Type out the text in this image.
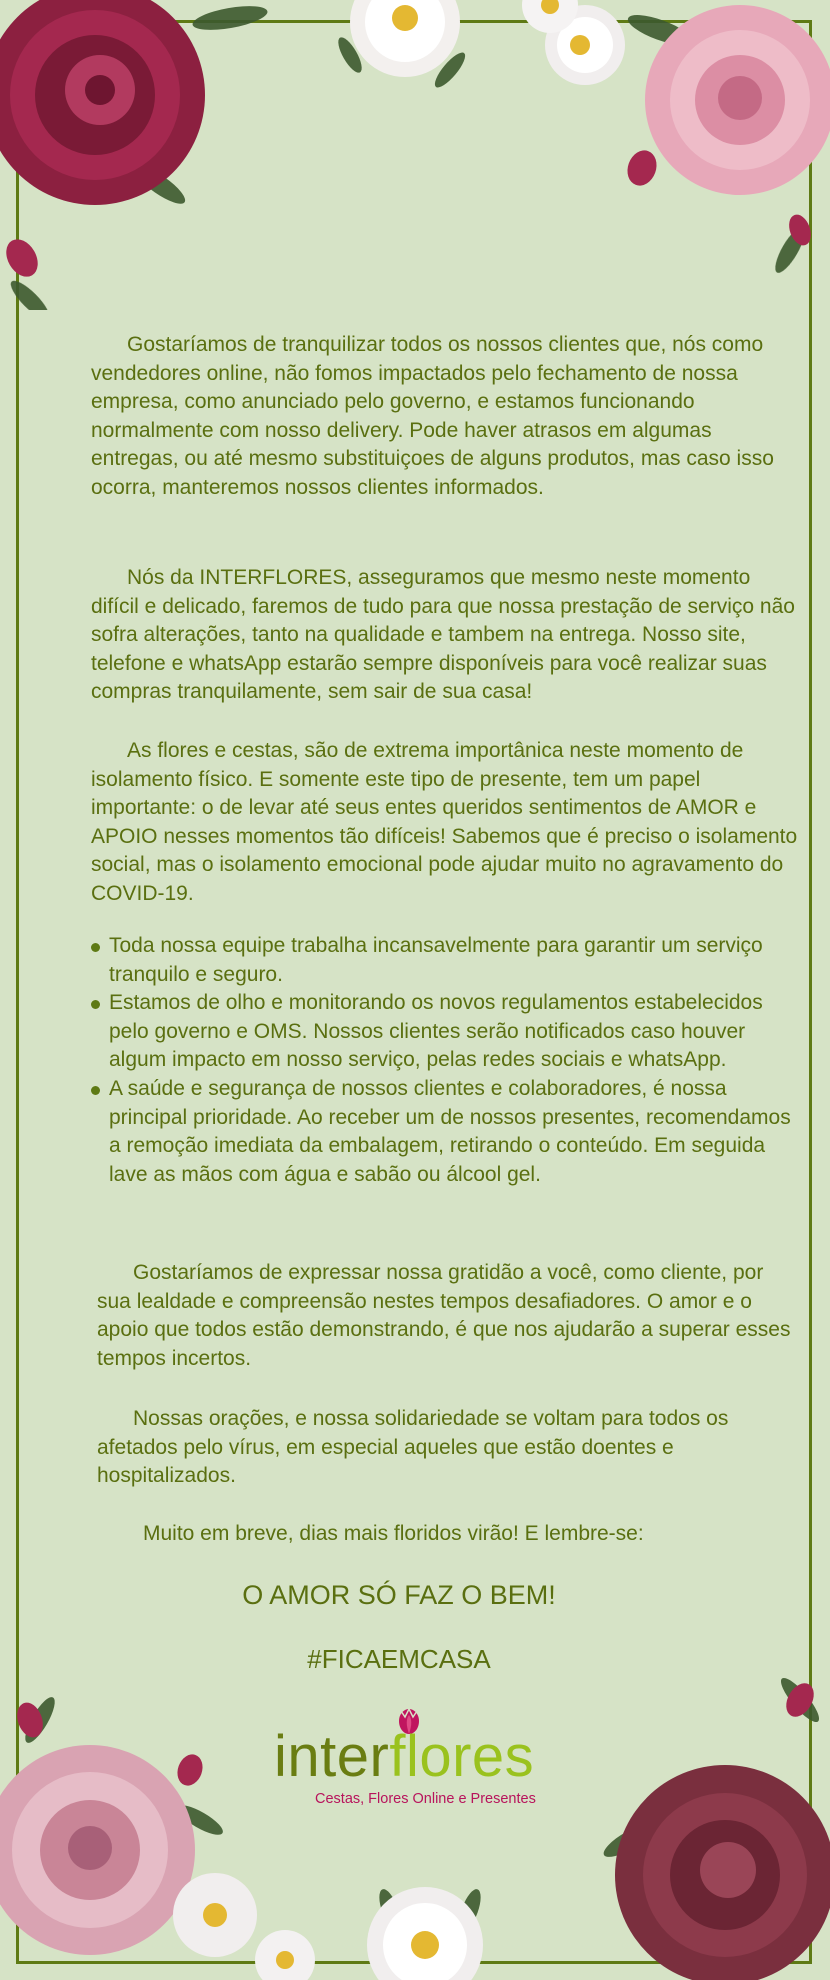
Gostaríamos de tranquilizar todos os nossos clientes que, nós como vendedores online, não fomos impactados pelo fechamento de nossa empresa, como anunciado pelo governo, e estamos funcionando normalmente com nosso delivery. Pode haver atrasos em algumas entregas, ou até mesmo substituiçoes de alguns produtos, mas caso isso ocorra, manteremos nossos clientes informados.

Nós da INTERFLORES, asseguramos que mesmo neste momento difícil e delicado, faremos de tudo para que nossa prestação de serviço não sofra alterações, tanto na qualidade e tambem na entrega. Nosso site, telefone e whatsApp estarão sempre disponíveis para você realizar suas compras tranquilamente, sem sair de sua casa!

As flores e cestas, são de extrema importânica neste momento de isolamento físico. E somente este tipo de presente, tem um papel importante: o de levar até seus entes queridos sentimentos de AMOR e APOIO nesses momentos tão difíceis! Sabemos que é preciso o isolamento social, mas o isolamento emocional pode ajudar muito no agravamento do COVID-19.

Toda nossa equipe trabalha incansavelmente para garantir um serviço tranquilo e seguro.
Estamos de olho e monitorando os novos regulamentos estabelecidos pelo governo e OMS. Nossos clientes serão notificados caso houver algum impacto em nosso serviço, pelas redes sociais e whatsApp.
A saúde e segurança de nossos clientes e colaboradores, é nossa principal prioridade. Ao receber um de nossos presentes, recomendamos a remoção imediata da embalagem, retirando o conteúdo. Em seguida lave as mãos com água e sabão ou álcool gel.

Gostaríamos de expressar nossa gratidão a você, como cliente, por sua lealdade e compreensão nestes tempos desafiadores. O amor e o apoio que todos estão demonstrando, é que nos ajudarão a superar esses tempos incertos.

Nossas orações, e nossa solidariedade se voltam para todos os afetados pelo vírus, em especial aqueles que estão doentes e hospitalizados.

Muito em breve, dias mais floridos virão! E lembre-se:

O AMOR SÓ FAZ O BEM!

#FICAEMCASA

interflores
Cestas, Flores Online e Presentes
